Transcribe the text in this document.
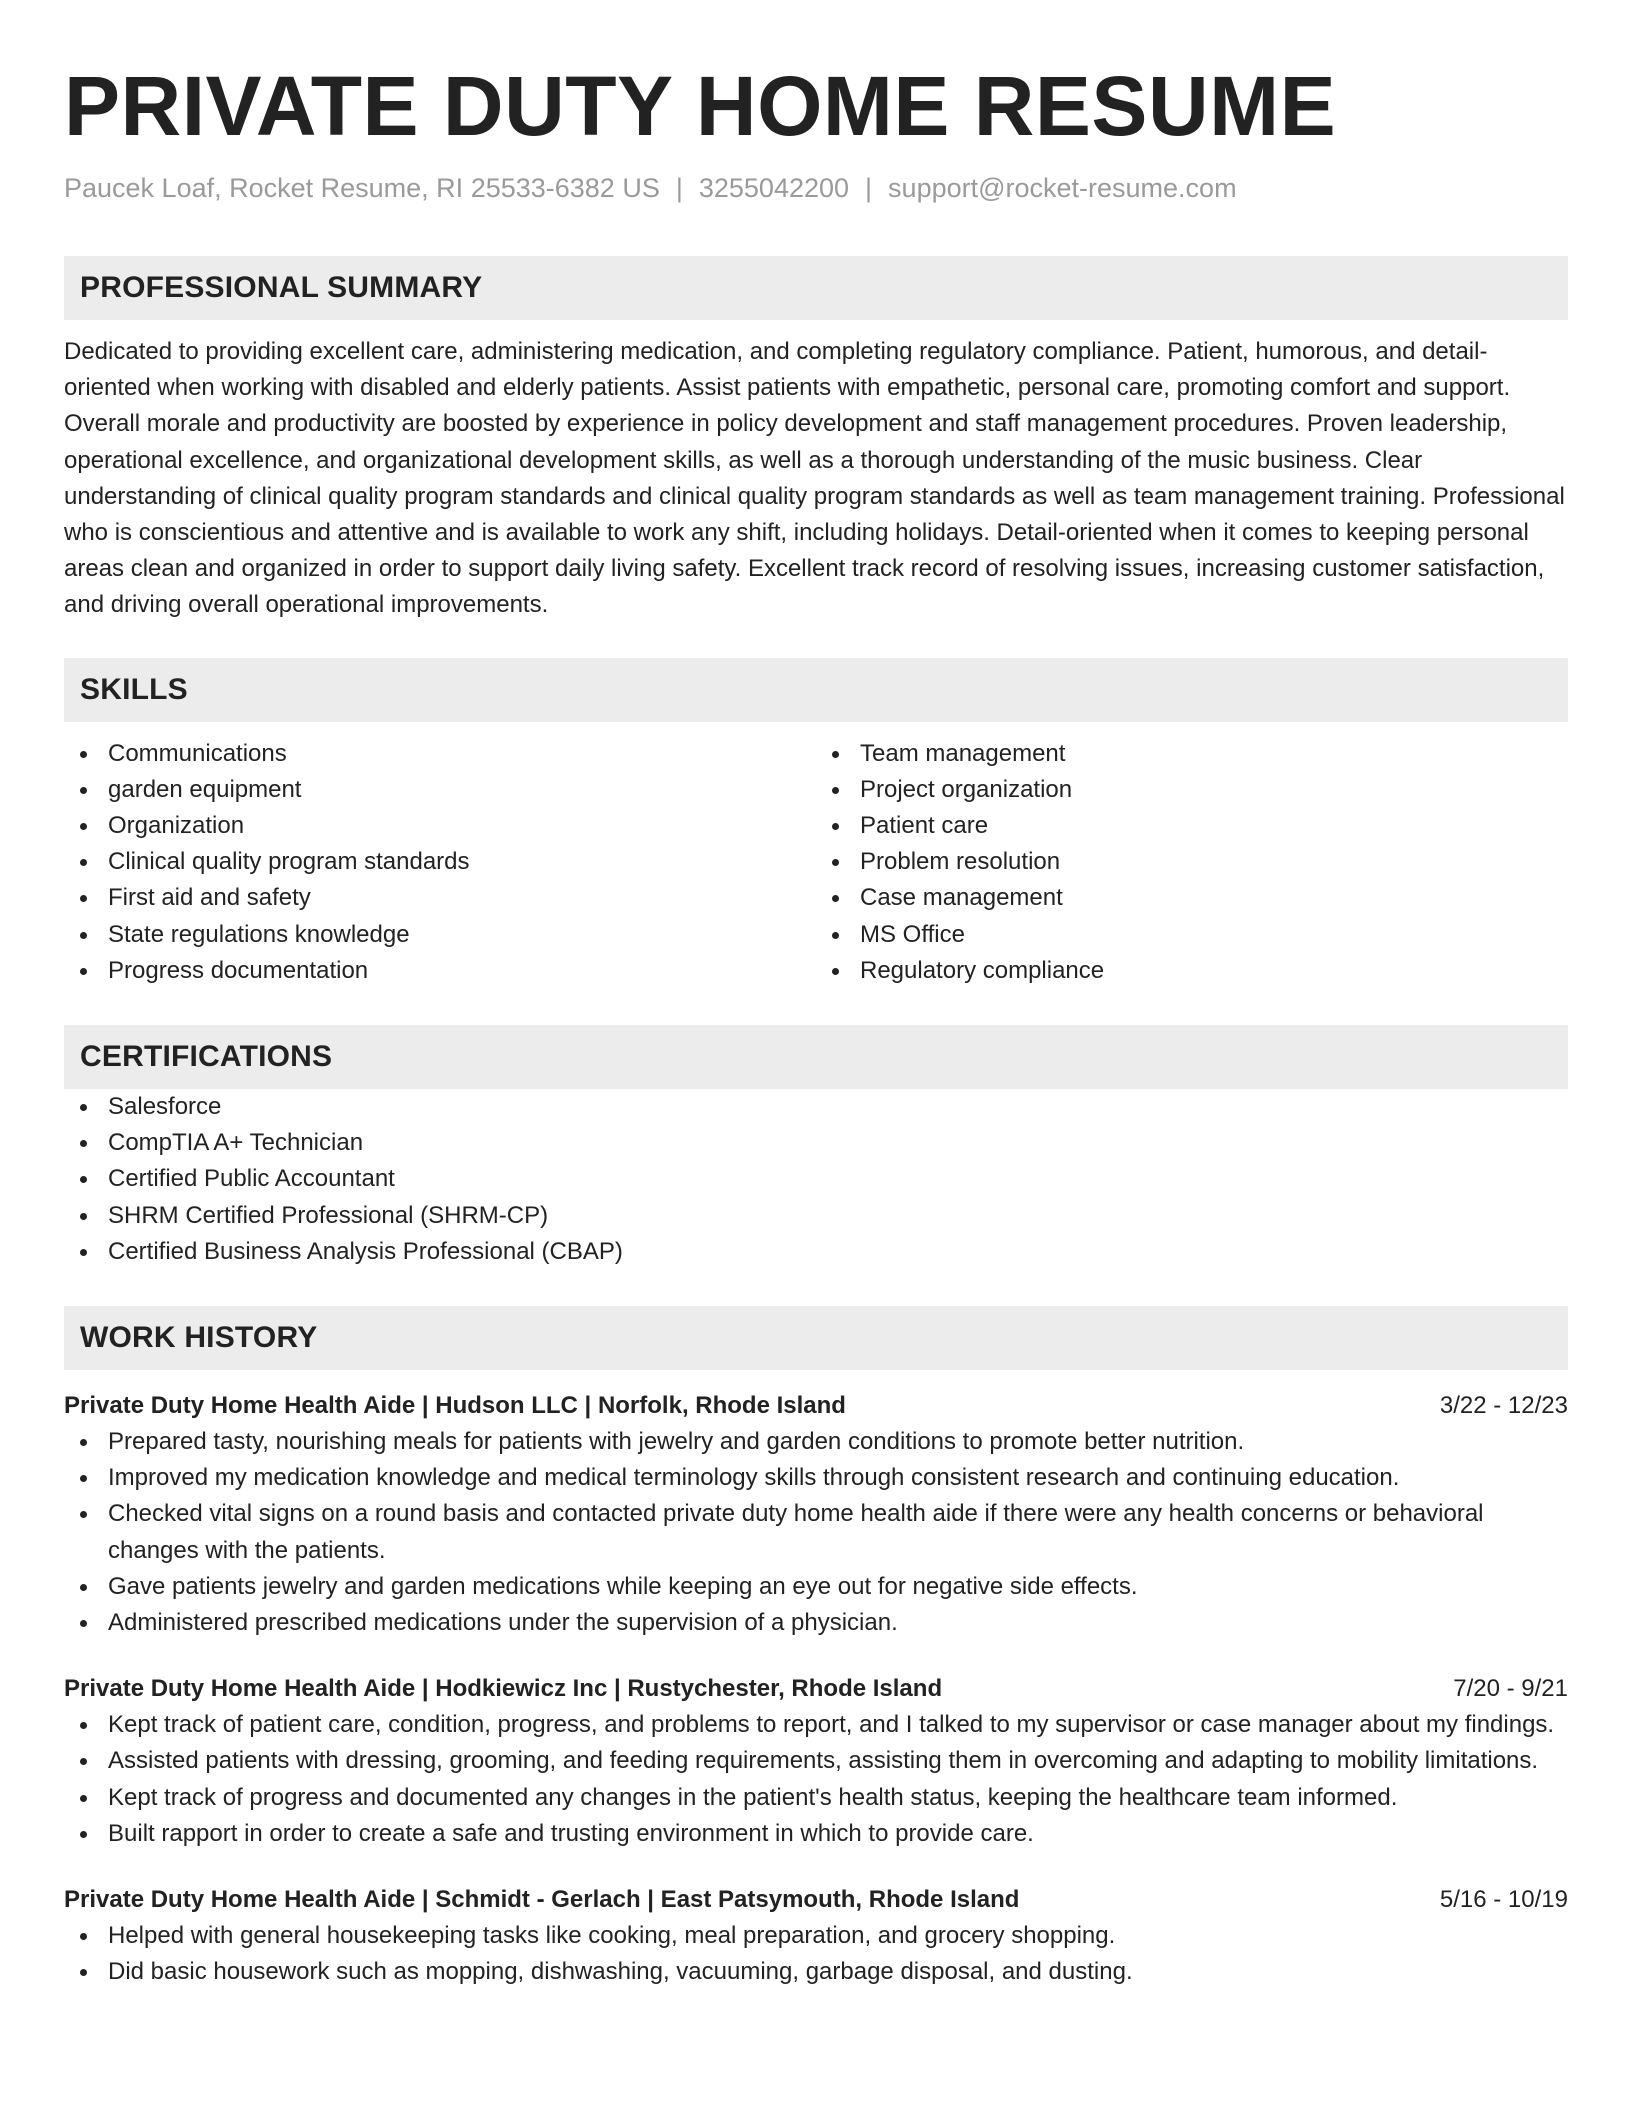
PRIVATE DUTY HOME RESUME
Paucek Loaf, Rocket Resume, RI 25533-6382 US | 3255042200 | support@rocket-resume.com
PROFESSIONAL SUMMARY
Dedicated to providing excellent care, administering medication, and completing regulatory compliance. Patient, humorous, and detail-oriented when working with disabled and elderly patients. Assist patients with empathetic, personal care, promoting comfort and support. Overall morale and productivity are boosted by experience in policy development and staff management procedures. Proven leadership, operational excellence, and organizational development skills, as well as a thorough understanding of the music business. Clear understanding of clinical quality program standards and clinical quality program standards as well as team management training. Professional who is conscientious and attentive and is available to work any shift, including holidays. Detail-oriented when it comes to keeping personal areas clean and organized in order to support daily living safety. Excellent track record of resolving issues, increasing customer satisfaction, and driving overall operational improvements.
SKILLS
Communications
garden equipment
Organization
Clinical quality program standards
First aid and safety
State regulations knowledge
Progress documentation
Team management
Project organization
Patient care
Problem resolution
Case management
MS Office
Regulatory compliance
CERTIFICATIONS
Salesforce
CompTIA A+ Technician
Certified Public Accountant
SHRM Certified Professional (SHRM-CP)
Certified Business Analysis Professional (CBAP)
WORK HISTORY
Private Duty Home Health Aide | Hudson LLC | Norfolk, Rhode Island	3/22 - 12/23
Prepared tasty, nourishing meals for patients with jewelry and garden conditions to promote better nutrition.
Improved my medication knowledge and medical terminology skills through consistent research and continuing education.
Checked vital signs on a round basis and contacted private duty home health aide if there were any health concerns or behavioral changes with the patients.
Gave patients jewelry and garden medications while keeping an eye out for negative side effects.
Administered prescribed medications under the supervision of a physician.
Private Duty Home Health Aide | Hodkiewicz Inc | Rustychester, Rhode Island	7/20 - 9/21
Kept track of patient care, condition, progress, and problems to report, and I talked to my supervisor or case manager about my findings.
Assisted patients with dressing, grooming, and feeding requirements, assisting them in overcoming and adapting to mobility limitations.
Kept track of progress and documented any changes in the patient's health status, keeping the healthcare team informed.
Built rapport in order to create a safe and trusting environment in which to provide care.
Private Duty Home Health Aide | Schmidt - Gerlach | East Patsymouth, Rhode Island	5/16 - 10/19
Helped with general housekeeping tasks like cooking, meal preparation, and grocery shopping.
Did basic housework such as mopping, dishwashing, vacuuming, garbage disposal, and dusting.
